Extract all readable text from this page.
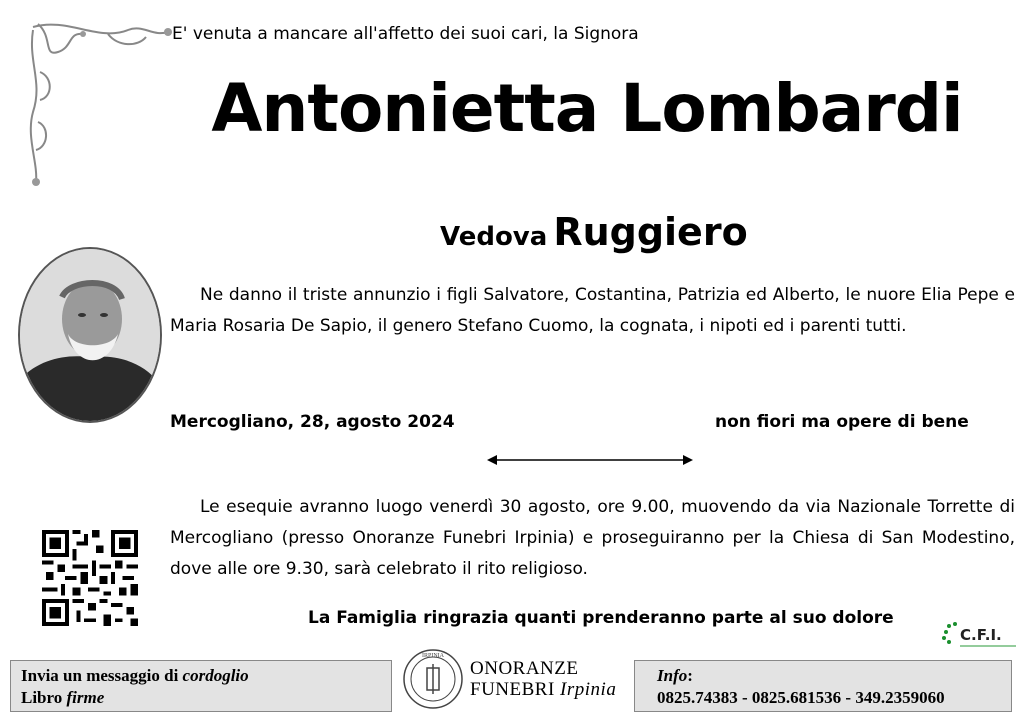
E' venuta a mancare all'affetto dei suoi cari, la Signora
Antonietta Lombardi
Vedova Ruggiero
Ne danno il triste annunzio i figli Salvatore, Costantina, Patrizia ed Alberto, le nuore Elia Pepe e Maria Rosaria De Sapio, il genero Stefano Cuomo, la cognata, i nipoti ed i parenti tutti.
Mercogliano, 28, agosto 2024	non fiori ma opere di bene
Le esequie avranno luogo venerdì 30 agosto, ore 9.00, muovendo da via Nazionale Torrette di Mercogliano (presso Onoranze Funebri Irpinia) e proseguiranno per la Chiesa di San Modestino, dove alle ore 9.30, sarà celebrato il rito religioso.
La Famiglia ringrazia quanti prenderanno parte al suo dolore
C.F.I.
Invia un messaggio di cordoglio
Libro firme
IRPINIA
ONORANZE
FUNEBRI Irpinia
Info:
0825.74383 - 0825.681536 - 349.2359060
